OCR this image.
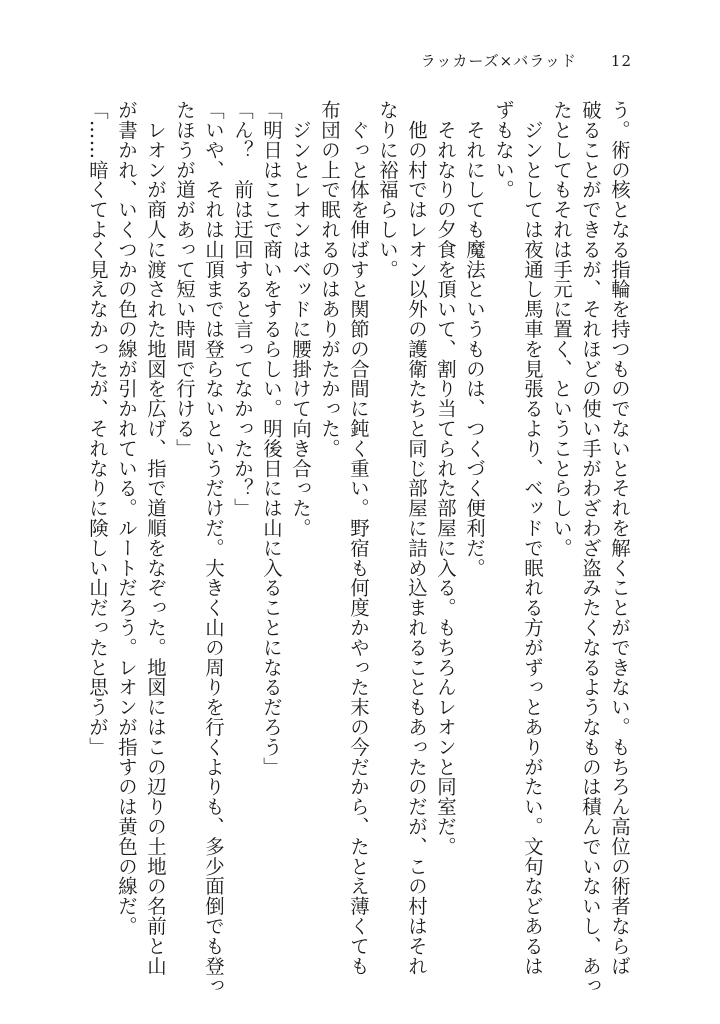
ラッカーズ×バラッド 12
う。術の核となる指輪を持つものでないとそれを解くことができない。もちろん高位の術者ならば
破ることができるが、それほどの使い手がわざわざ盗みたくなるようなものは積んでいないし、あっ
たとしてもそれは手元に置く、ということらしい。
　ジンとしては夜通し馬車を見張るより、ベッドで眠れる方がずっとありがたい。文句などあるは
ずもない。
　それにしても魔法というものは、つくづく便利だ。
　それなりの夕食を頂いて、割り当てられた部屋に入る。もちろんレオンと同室だ。
　他の村ではレオン以外の護衛たちと同じ部屋に詰め込まれることもあったのだが、この村はそれ
なりに裕福らしい。
　ぐっと体を伸ばすと関節の合間に鈍く重い。野宿も何度かやった末の今だから、たとえ薄くても
布団の上で眠れるのはありがたかった。
　ジンとレオンはベッドに腰掛けて向き合った。
「明日はここで商いをするらしい。明後日には山に入ることになるだろう」
「ん？　前は迂回すると言ってなかったか？」
「いや、それは山頂までは登らないというだけだ。大きく山の周りを行くよりも、多少面倒でも登っ
たほうが道があって短い時間で行ける」
　レオンが商人に渡された地図を広げ、指で道順をなぞった。地図にはこの辺りの土地の名前と山
が書かれ、いくつかの色の線が引かれている。ルートだろう。レオンが指すのは黄色の線だ。
「……暗くてよく見えなかったが、それなりに険しい山だったと思うが」
